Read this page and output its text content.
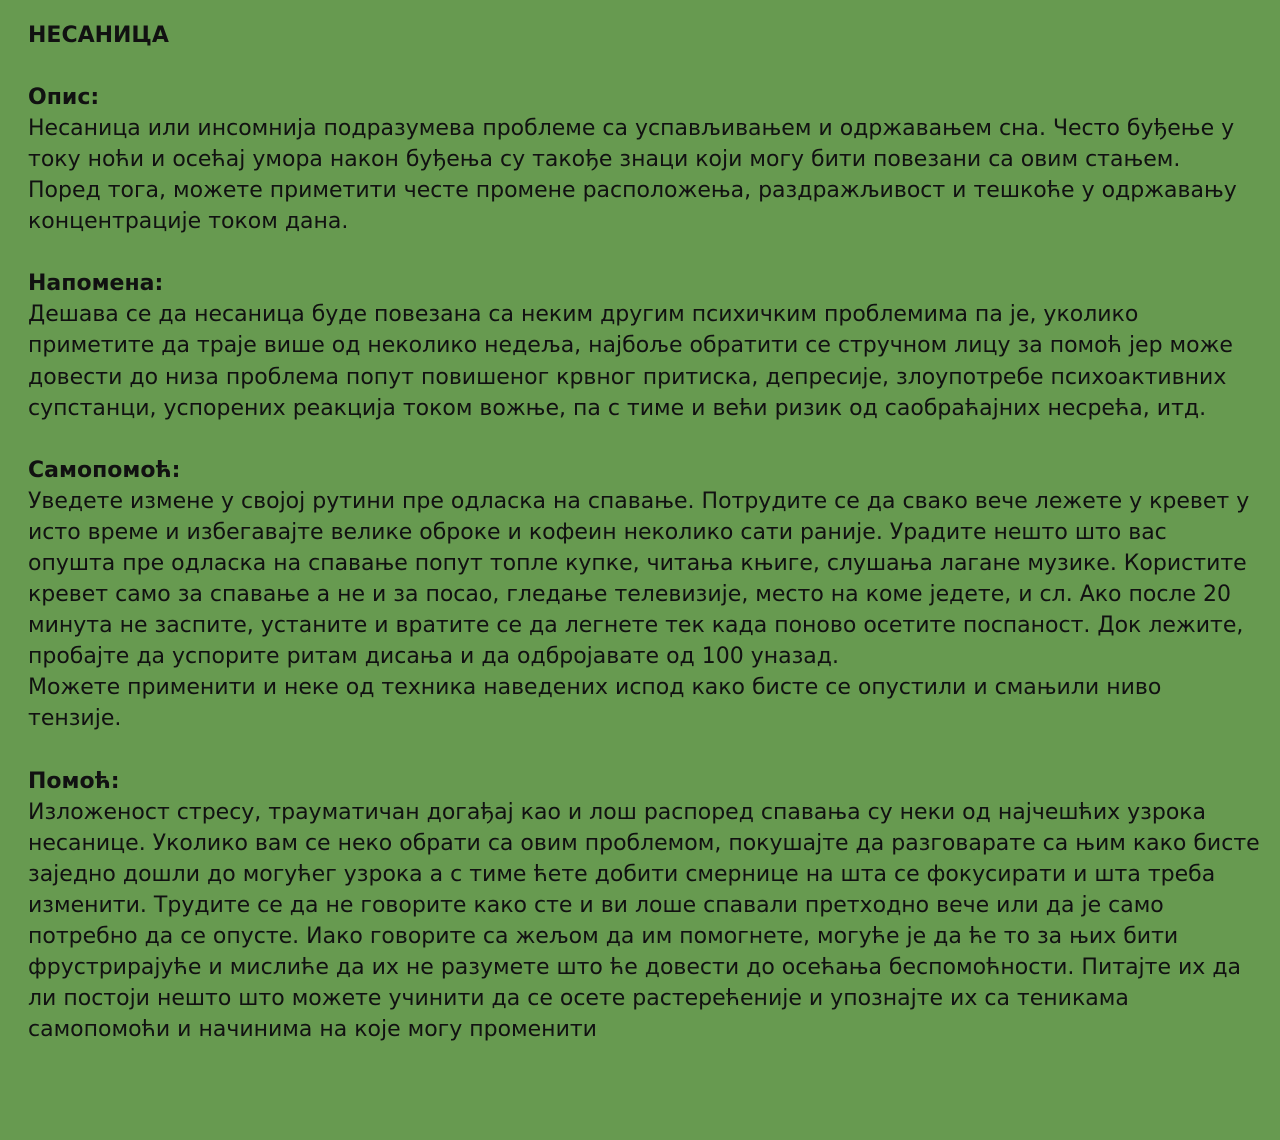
НЕСАНИЦА
Опис:

Несаница или инсомнија подразумева проблеме са успављивањем и одржавањем сна. Често буђење у току ноћи и осећај умора након буђења су такође знаци који могу бити повезани са овим стањем. Поред тога, можете приметити честе промене расположења, раздражљивост и тешкоће у одржавању концентрације током дана.

Напомена:

Дешава се да несаница буде повезана са неким другим психичким проблемима па је, уколико приметите да траје више од неколико недеља, најбоље обратити се стручном лицу за помоћ јер може довести до низа проблема попут повишеног крвног притиска, депресије, злоупотребе психоактивних супстанци, успорених реакција током вожње, па с тиме и већи ризик од саобраћајних несрећа, итд.

Самопомоћ:

Уведете измене у својој рутини пре одласка на спавање. Потрудите се да свако вече лежете у кревет у исто време и избегавајте велике оброке и кофеин неколико сати раније. Урадите нешто што вас опушта пре одласка на спавање попут топле купке, читања књиге, слушања лагане музике. Користите кревет само за спавање а не и за посао, гледање телевизије, место на коме једете, и сл. Ако после 20 минута не заспите, устаните и вратите се да легнете тек када поново осетите поспаност. Док лежите, пробајте да успорите ритам дисања и да одбројавате од 100 уназад.

Можете применити и неке од техника наведених испод како бисте се опустили и смањили ниво тензије.

Помоћ:

Изложеност стресу, трауматичан догађај као и лош распоред спавања су неки од најчешћих узрока несанице. Уколико вам се неко обрати са овим проблемом, покушајте да разговарате са њим како бисте заједно дошли до могућег узрока а с тиме ћете добити смернице на шта се фокусирати и шта треба изменити. Трудите се да не говорите како сте и ви лоше спавали претходно вече или да је само потребно да се опусте. Иако говорите са жељом да им помогнете, могуће је да ће то за њих бити фрустрирајуће и мислиће да их не разумете што ће довести до осећања беспомоћности. Питајте их да ли постоји нешто што можете учинити да се осете растерећеније и упознајте их са теникама самопомоћи и начинима на које могу променити
